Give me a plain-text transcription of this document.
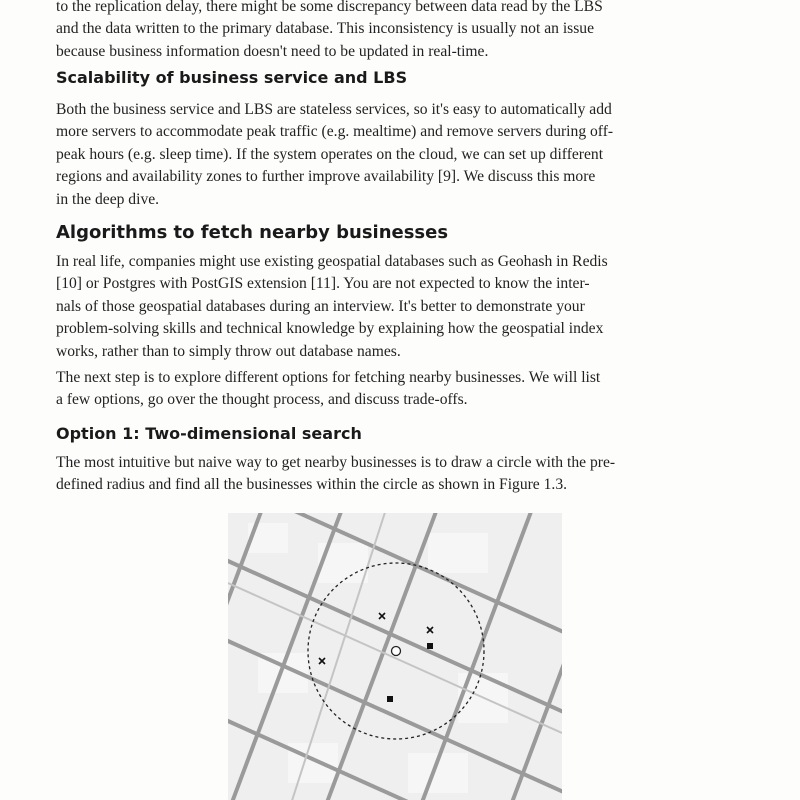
to the replication delay, there might be some discrepancy between data read by the LBS
and the data written to the primary database. This inconsistency is usually not an issue
because business information doesn't need to be updated in real-time.

Scalability of business service and LBS

Both the business service and LBS are stateless services, so it's easy to automatically add
more servers to accommodate peak traffic (e.g. mealtime) and remove servers during off-
peak hours (e.g. sleep time). If the system operates on the cloud, we can set up different
regions and availability zones to further improve availability [9]. We discuss this more
in the deep dive.

Algorithms to fetch nearby businesses

In real life, companies might use existing geospatial databases such as Geohash in Redis
[10] or Postgres with PostGIS extension [11]. You are not expected to know the inter-
nals of those geospatial databases during an interview. It's better to demonstrate your
problem-solving skills and technical knowledge by explaining how the geospatial index
works, rather than to simply throw out database names.

The next step is to explore different options for fetching nearby businesses. We will list
a few options, go over the thought process, and discuss trade-offs.

Option 1: Two-dimensional search

The most intuitive but naive way to get nearby businesses is to draw a circle with the pre-
defined radius and find all the businesses within the circle as shown in Figure 1.3.
